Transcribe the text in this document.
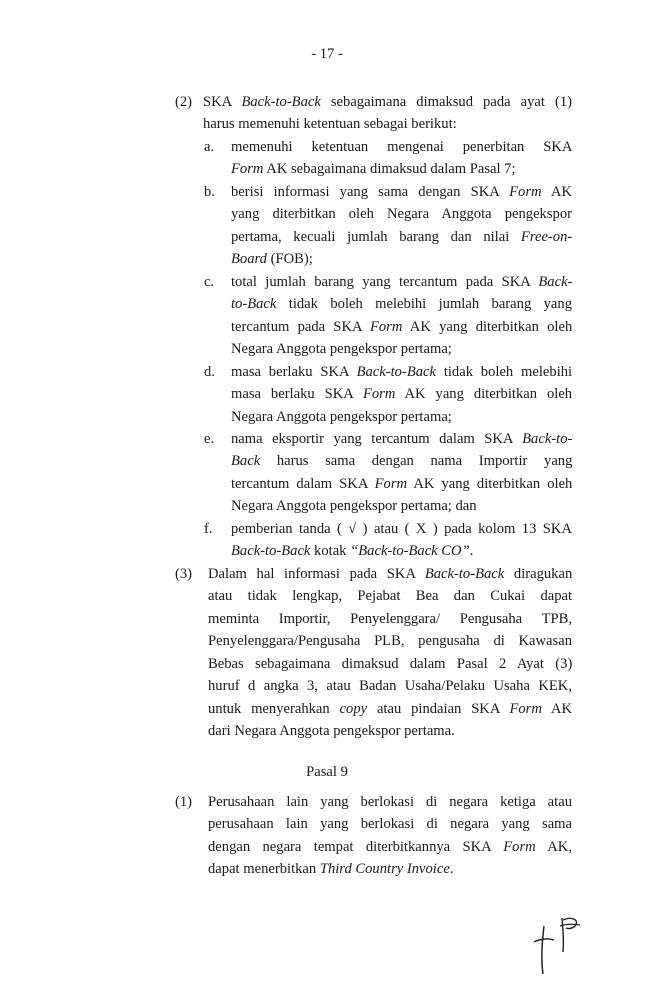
- 17 -
(2) SKA Back-to-Back sebagaimana dimaksud pada ayat (1)
harus memenuhi ketentuan sebagai berikut:
a. memenuhi ketentuan mengenai penerbitan SKA
Form AK sebagaimana dimaksud dalam Pasal 7;
b. berisi informasi yang sama dengan SKA Form AK
yang diterbitkan oleh Negara Anggota pengekspor
pertama, kecuali jumlah barang dan nilai Free-on-
Board (FOB);
c. total jumlah barang yang tercantum pada SKA Back-
to-Back tidak boleh melebihi jumlah barang yang
tercantum pada SKA Form AK yang diterbitkan oleh
Negara Anggota pengekspor pertama;
d. masa berlaku SKA Back-to-Back tidak boleh melebihi
masa berlaku SKA Form AK yang diterbitkan oleh
Negara Anggota pengekspor pertama;
e. nama eksportir yang tercantum dalam SKA Back-to-
Back harus sama dengan nama Importir yang
tercantum dalam SKA Form AK yang diterbitkan oleh
Negara Anggota pengekspor pertama; dan
f. pemberian tanda ( √ ) atau ( X ) pada kolom 13 SKA
Back-to-Back kotak “Back-to-Back CO”.
(3) Dalam hal informasi pada SKA Back-to-Back diragukan
atau tidak lengkap, Pejabat Bea dan Cukai dapat
meminta Importir, Penyelenggara/ Pengusaha TPB,
Penyelenggara/Pengusaha PLB, pengusaha di Kawasan
Bebas sebagaimana dimaksud dalam Pasal 2 Ayat (3)
huruf d angka 3, atau Badan Usaha/Pelaku Usaha KEK,
untuk menyerahkan copy atau pindaian SKA Form AK
dari Negara Anggota pengekspor pertama.
(1) Perusahaan lain yang berlokasi di negara ketiga atau
perusahaan lain yang berlokasi di negara yang sama
dengan negara tempat diterbitkannya SKA Form AK,
dapat menerbitkan Third Country Invoice.
Pasal 9
